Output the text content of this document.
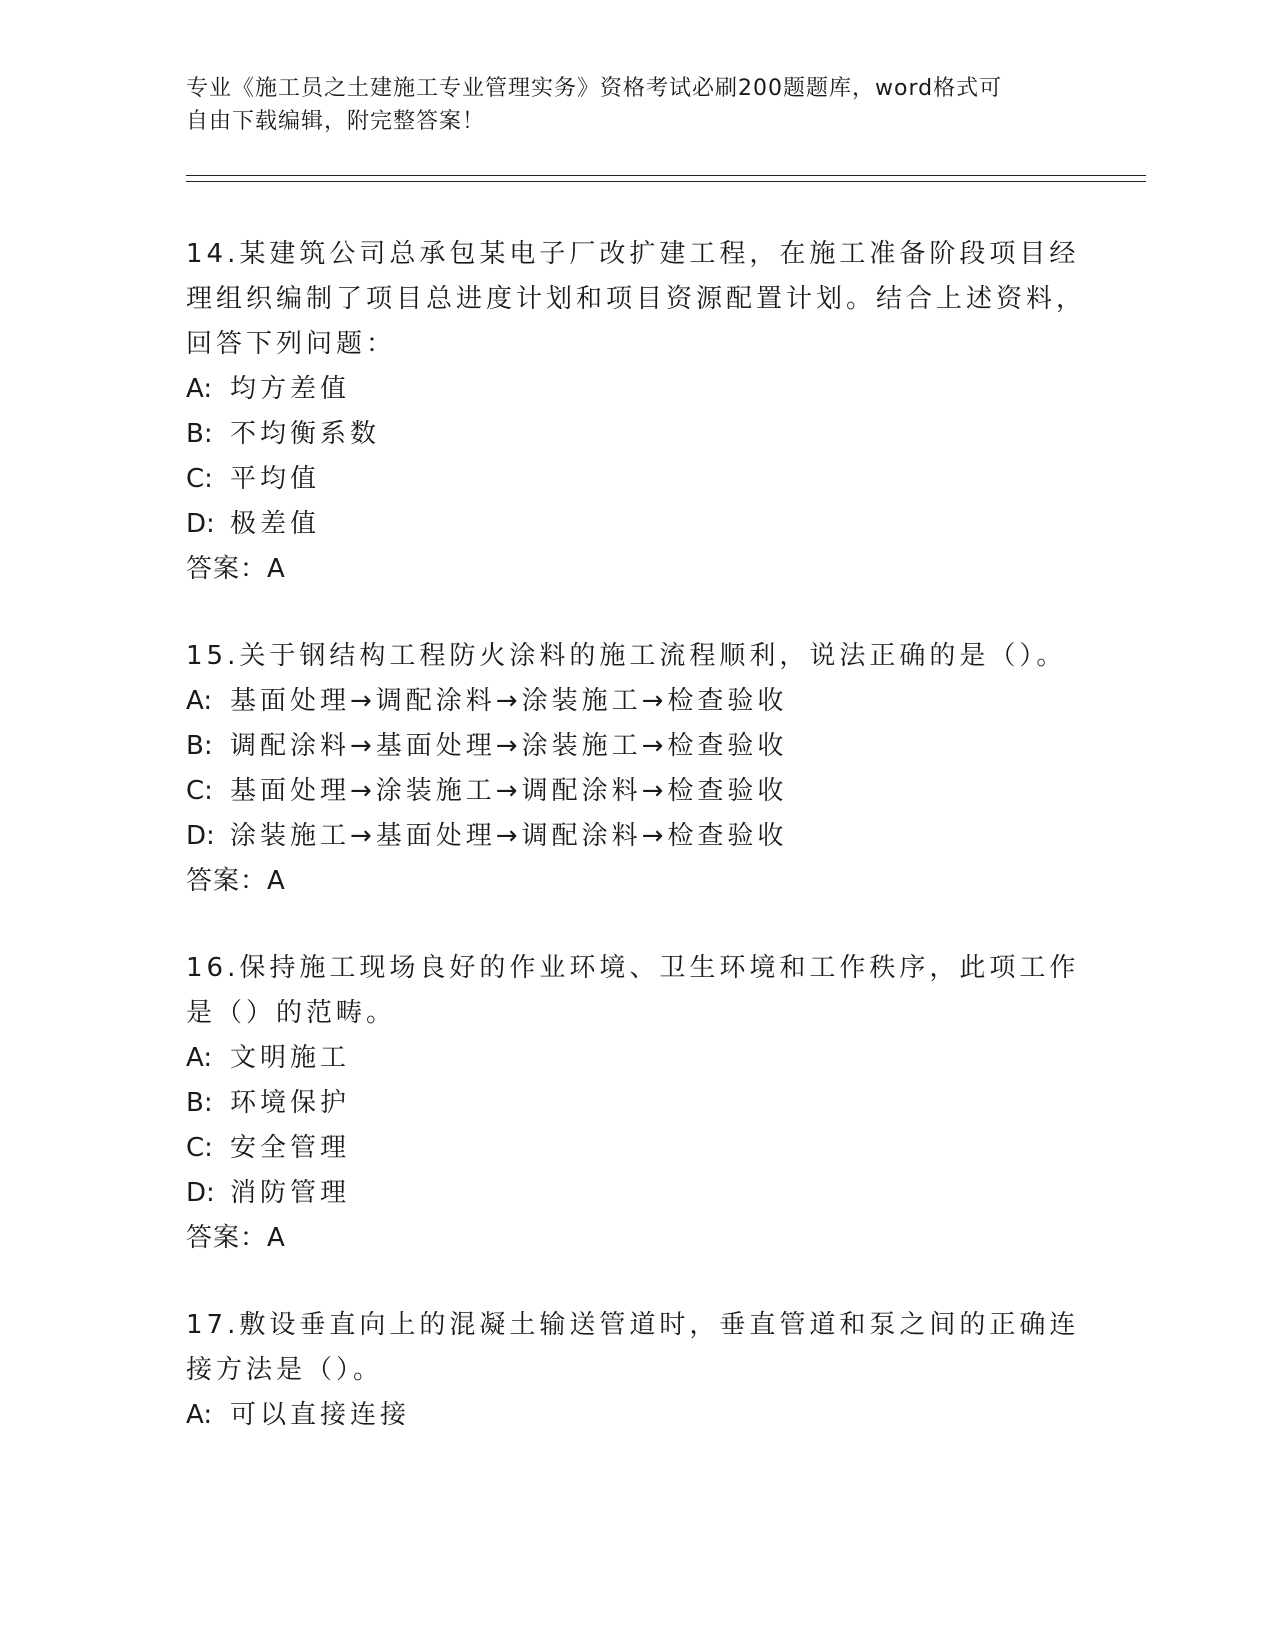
专业《施工员之土建施工专业管理实务》资格考试必刷200题题库，word格式可
自由下载编辑，附完整答案！
14.某建筑公司总承包某电子厂改扩建工程，在施工准备阶段项目经理组织编制了项目总进度计划和项目资源配置计划。结合上述资料，回答下列问题：
A: 均方差值
B: 不均衡系数
C: 平均值
D: 极差值
答案：A
15.关于钢结构工程防火涂料的施工流程顺利，说法正确的是（）。
A: 基面处理→调配涂料→涂装施工→检查验收
B: 调配涂料→基面处理→涂装施工→检查验收
C: 基面处理→涂装施工→调配涂料→检查验收
D: 涂装施工→基面处理→调配涂料→检查验收
答案：A
16.保持施工现场良好的作业环境、卫生环境和工作秩序，此项工作是（）的范畴。
A: 文明施工
B: 环境保护
C: 安全管理
D: 消防管理
答案：A
17.敷设垂直向上的混凝土输送管道时，垂直管道和泵之间的正确连接方法是（）。
A: 可以直接连接
